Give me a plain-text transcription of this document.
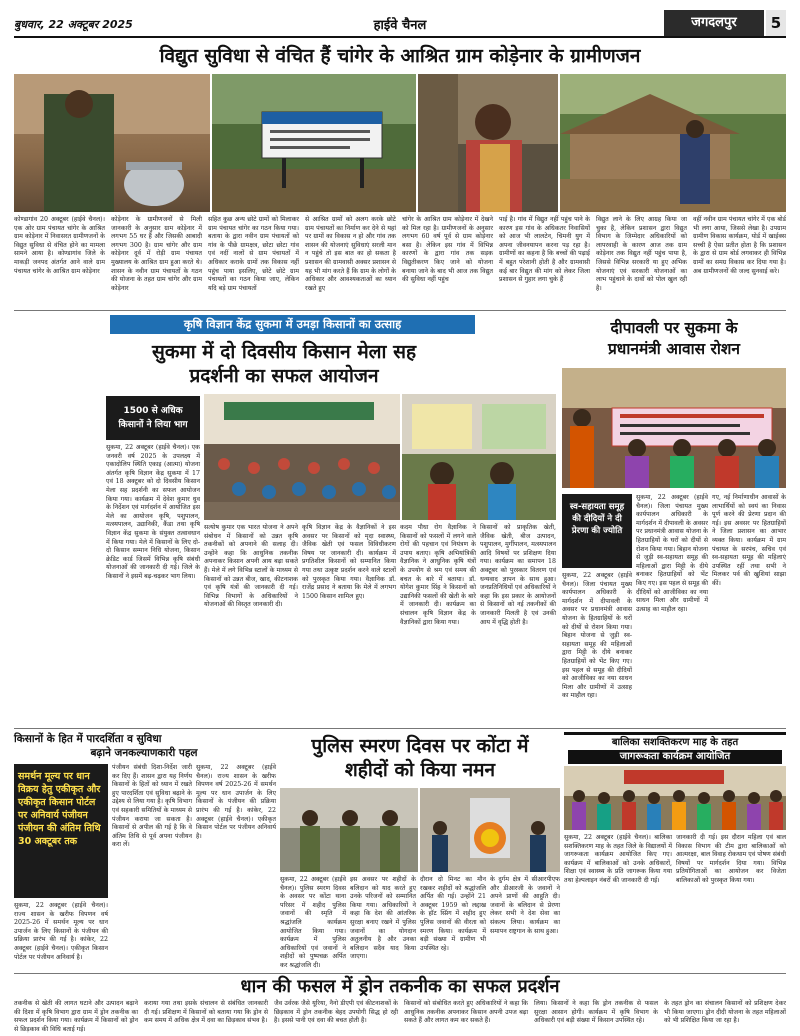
बुधवार, 22 अक्टूबर 2025	हाईवे चैनल	जगदलपुर	5
विद्युत सुविधा से वंचित हैं चांगेर के आश्रित ग्राम कोड़ेनार के ग्रामीणजन
कोण्डागांव 20 अक्टूबर (हाईवे चैनल)। एक ओर ग्राम पंचायत चांगेर के आश्रित ग्राम कोड़ेनार में निवासरत ग्रामीणजनों के विद्युत सुविधा से वंचित होने का मामला सामने आया है। कोण्डागांव जिले के माकड़ी जनपद अंतर्गत आने वाले ग्राम पंचायत चांगेर के आश्रित ग्राम कोड़ेनार
कोड़ेनार के ग्रामीणजनों से मिली जानकारी के अनुसार ग्राम कोड़ेनार में लगभग 55 घर हैं और जिसकी आबादी लगभग 300 है। ग्राम चांगेर और ग्राम कोड़ेनार दूर्व में रोड़ी ग्राम पंचायत मुख्यालय के आश्रित ग्राम हुआ करते थे। शासन के नवीन ग्राम पंचायतों के गठन की योजना के तहत ग्राम चांगेर और ग्राम कोड़ेनार
सहित कुछ अन्य छोटे ग्रामों को मिलाकर ग्राम पंचायत चांगेर का गठन किया गया। बताया के द्वारा नवीन ग्राम पंचायतों को गांव के पीछे ग्रामक्षत्र, छोटा छोटा गांव एवं नदीं नालों से ग्राम पंचायतों में अधिकार कराके ग्रामों तक विकास नहीं पहुंच पाया इसलिए, छोटे छोटे ग्राम पंचायतों का गठन किया जाए, लेकिन यदि बड़े ग्राम पंचायतों
से आश्रित ग्रामों को अलग करके छोटे ग्राम पंचायतों का निर्माण कर देने से यहां पर ग्रामों का विकास न हो और गांव तक शासन की योजनाएं सुविधाएं सरली मान न पहुंचे तो इस बात का हो सकता है प्रशासन की ग्रामवासी अक्सर प्रशासन से यह भी मांग करते हैं कि ग्राम के लोगों के अधिकार और आवश्यकताओं का ध्यान रखते हुए
चांगेर के आश्रित ग्राम कोड़ेनार में देखने को मिल रहा है। ग्रामीणजनों के अनुसार लगभग 60 वर्ष पूर्व से ग्राम कोड़ेनार बसा है। लेकिन इस गांव में विभिन्न कारणों के द्वारा गांव तक सड़क विद्युतीकरण किए जाने को योजना बनाया जाने के बाद भी आज तक विद्युत की सुविधा नहीं पहुंच
पाई है। गांव में विद्युत नहीं पहुंच पाने के कारण इस गांव के अधिकतर निवासियों को आज भी लालटेन, चिमनी युग में अपना जीवनयापन करना पड़ रहा है। ग्रामीणों का कहना है कि बच्चों की पढ़ाई में बहुत परेशानी होती है और ग्रामवासी कई बार विद्युत की मांग को लेकर जिला प्रशासन से गुहार लगा चुके हैं
विद्युत लाने के लिए आग्रह किया जा चुका है, लेकिन प्रशासन द्वारा विद्युत विभाग के जिम्मेदार अधिकारियों को लापरवाही के कारण आज तक ग्राम कोड़ेनार तक विद्युत नहीं पहुंच पाया है, जिससे विभिन्न सरकारी या हुए अभिक योजनाएं एवं सरकारी योजनाओं का लाभ पहुंचाने के दावों को पोल खुल रही है।
वहीं नवीन ग्राम पंचायत चांगेर में एक बोर्ड भी लगा आया, जिससे लेखा है। उपग्राम ग्रामीण विकास कार्यक्रम, योर्ड में खाईक्स सच्ची है ऐसा प्रतीत होता है कि प्रशासन के द्वारा से ग्राम बोर्ड लगवाकर ही विभिन्न ग्रामों का समग्र विकास कर दिया गया है। अब ग्रामीणजनों की जल्द सुनवाई करे।
कृषि विज्ञान केंद्र सुकमा में उमड़ा किसानों का उत्साह
सुकमा में दो दिवसीय किसान मेला सह
प्रदर्शनी का सफल आयोजन
1500 से अधिक किसानों ने लिया भाग
सुकमा, 22 अक्टूबर (हाईवे चैनल)। एक जनवरी वर्ष 2025 के उपलक्ष्य में एकादोलिप स्थिति एकाइ (आत्मा) योजना अंतर्गत कृषि विज्ञान केंद्र सुकमा में 17 एवं 18 अक्टूबर को दो दिवसीय किसान मेला सह प्रदर्शनी का सफल आयोजन किया गया। कार्यक्रम में देवेश कुमार धुव के निर्देशन एवं मार्गदर्शन में आयोजित इस मेले का आयोजन कृषि, पशुपालन, मत्स्यपालन, उद्यानिकी, कैंडा तथा कृषि विज्ञान केंद्र सुकमा के संयुक्त तत्वावधान में किया गया। मेले में किसानों के लिए दो-दो किसान सम्मान निधि योजना, किसान क्रेडिट कार्ड जिसमें विभिन्न कृषि संबंधी योजनाओं की जानकारी दी गई। जिले के किसानों ने इसमें बढ़-चढ़कर भाग लिया।
सत्योष कुमार एक भारत योजना ने अपने संबोधन में किसानों को उन्नत कृषि तकनीकों को अपनाने की सलाह दी। उन्होंने कहा कि आधुनिक तकनीक अपनाकर किसान अपनी आय बढ़ा सकते हैं। मेले में लगे विभिन्न स्टालों के माध्यम से किसानों को उन्नत बीज, खाद, कीटनाशक एवं कृषि यंत्रों की जानकारी दी गई। विभिन्न विभागों के अधिकारियों ने योजनाओं की विस्तृत जानकारी दी।
कृषि विज्ञान केंद्र के वैज्ञानिकों ने इस अवसर पर किसानों को मृदा स्वास्थ्य, जैविक खेती एवं फसल विविधीकरण विषय पर जानकारी दी। कार्यक्रम में प्रगतिशील किसानों को सम्मानित किया गया तथा उत्कृष्ट प्रदर्शन करने वाले स्टालों को पुरस्कृत किया गया। वैज्ञानिक डॉ. राजेंद्र प्रसाद ने बताया कि मेले में लगभग 1500 किसान शामिल हुए।
कदम पौधा रोग वैज्ञानिक ने किसानों को फसलों में लगने वाले रोगों की पहचान एवं नियंत्रण के उपाय बताए। कृषि अभियांत्रिकी वैज्ञानिक ने आधुनिक कृषि यंत्रों के उपयोग से श्रम एवं समय की बचत के बारे में बताया। डॉ. योगेश कुमार सिंह ने किसानों को उद्यानिकी फसलों की खेती के बारे में जानकारी दी। कार्यक्रम का संचालन कृषि विज्ञान केंद्र के वैज्ञानिकों द्वारा किया गया।
किसानों को प्राकृतिक खेती, जैविक खेती, बीज उत्पादन, पशुपालन, मुर्गीपालन, मत्स्यपालन आदि विषयों पर प्रशिक्षण दिया गया। कार्यक्रम का समापन 18 अक्टूबर को पुरस्कार वितरण एवं धन्यवाद ज्ञापन के साथ हुआ। जनप्रतिनिधियों एवं अधिकारियों ने कहा कि इस प्रकार के आयोजनों से किसानों को नई तकनीकों की जानकारी मिलती है एवं उनकी आय में वृद्धि होती है।
दीपावली पर सुकमा के
प्रधानमंत्री आवास रोशन
स्व-सहायता समूह की दीदियों ने दी प्रेरणा की ज्योति
सुकमा, 22 अक्टूबर (हाईवे चैनल)। जिला पंचायत मुख्य कार्यपालन अधिकारी के मार्गदर्शन में दीपावली के अवसर पर प्रधानमंत्री आवास योजना के हितग्राहियों के घरों को दीयों से रोशन किया गया। बिहान योजना से जुड़ी स्व-सहायता समूह की महिलाओं द्वारा मिट्टी के दीये बनाकर हितग्राहियों को भेंट किए गए। इस पहल से समूह की दीदियों को आजीविका का नया साधन मिला और ग्रामीणों में उत्साह का माहौल रहा।
सुकमा, 22 अक्टूबर (हाईवे चैनल)। जिला पंचायत मुख्य कार्यपालन अधिकारी के मार्गदर्शन में दीपावली के अवसर पर प्रधानमंत्री आवास योजना के हितग्राहियों के घरों को दीयों से रोशन किया गया। बिहान योजना से जुड़ी स्व-सहायता समूह की महिलाओं द्वारा मिट्टी के दीये बनाकर हितग्राहियों को भेंट किए गए। इस पहल से समूह की दीदियों को आजीविका का नया साधन मिला और ग्रामीणों में उत्साह का माहौल रहा।
गए, नई निर्माणाधीन आवासों के लाभार्थियों को स्वयं का निवास पूर्ण करने की प्रेरणा प्रदान की गई। इस अवसर पर हितग्राहियों ने जिला प्रशासन का आभार व्यक्त किया। कार्यक्रम में ग्राम पंचायत के सरपंच, सचिव एवं स्व-सहायता समूह की महिलाएं उपस्थित रहीं तथा सभी ने मिलकर पर्व की खुशियां साझा कीं।
किसानों के हित में पारदर्शिता व सुविधा
बढ़ाने जनकल्याणकारी पहल
समर्थन मूल्य पर धान विक्रय हेतु एकीकृत और एकीकृत किसान पोर्टल पर अनिवार्य पंजीयन पंजीयन की अंतिम तिथि 30 अक्टूबर तक
सुकमा, 22 अक्टूबर (हाईवे चैनल)। राज्य शासन के खरीफ विपणन वर्ष 2025-26 में समर्थन मूल्य पर धान उपार्जन के लिए किसानों के पंजीयन की प्रक्रिया प्रारंभ की गई है। कांकेर, 22 अक्टूबर (हाईवे चैनल)। एकीकृत किसान पोर्टल पर पंजीयन अनिवार्य है।
पंजीयन संबंधी दिशा-निर्देश जारी कर दिए हैं। शासन द्वारा यह निर्णय किसानों के हितों को ध्यान में रखते हुए पारदर्शिता एवं सुविधा बढ़ाने के उद्देश्य से लिया गया है। कृषि विभाग एवं सहकारी समितियों के माध्यम से पंजीयन कराया जा सकता है। किसानों से अपील की गई है कि वे अंतिम तिथि से पूर्व अपना पंजीयन करा लें।
सुकमा, 22 अक्टूबर (हाईवे चैनल)। राज्य शासन के खरीफ विपणन वर्ष 2025-26 में समर्थन मूल्य पर धान उपार्जन के लिए किसानों के पंजीयन की प्रक्रिया प्रारंभ की गई है। कांकेर, 22 अक्टूबर (हाईवे चैनल)। एकीकृत किसान पोर्टल पर पंजीयन अनिवार्य है।
पुलिस स्मरण दिवस पर कोंटा में
शहीदों को किया नमन
सुकमा, 22 अक्टूबर (हाईवे चैनल)। पुलिस स्मरण दिवस के अवसर पर कोंटा थाना परिसर में शहीद पुलिस जवानों की स्मृति में श्रद्धांजलि कार्यक्रम आयोजित किया गया। कार्यक्रम में पुलिस अधिकारियों एवं जवानों ने शहीदों को पुष्पचक्र अर्पित कर श्रद्धांजलि दी।
इस अवसर पर शहीदों के बलिदान को याद करते हुए उनके परिजनों को सम्मानित किया गया। अधिकारियों ने कहा कि देश की आंतरिक सुरक्षा बनाए रखने में पुलिस जवानों का योगदान अतुलनीय है और उनका बलिदान सदैव याद किया जाएगा।
दौरान दो मिनट का मौन रखकर शहीदों को श्रद्धांजलि अर्पित की गई। उन्होंने 21 अक्टूबर 1959 को लद्दाख के हॉट स्प्रिंग में शहीद हुए पुलिस जवानों की वीरता को स्मरण किया। कार्यक्रम में बड़ी संख्या में ग्रामीण भी उपस्थित रहे।
के दुर्गम क्षेत्र में सीआरपीएफ और डीआरजी के जवानों ने अपने प्राणों की आहुति दी। जवानों के बलिदान से प्रेरणा लेकर सभी ने देश सेवा का संकल्प लिया। कार्यक्रम का समापन राष्ट्रगान के साथ हुआ।
बालिका सशक्तिकरण माह के तहत
जागरूकता कार्यक्रम आयोजित
सुकमा, 22 अक्टूबर (हाईवे चैनल)। बालिका सशक्तिकरण माह के तहत जिले के विद्यालयों में जागरूकता कार्यक्रम आयोजित किए गए। कार्यक्रम में बालिकाओं को उनके अधिकारों, शिक्षा एवं स्वास्थ्य के प्रति जागरूक किया गया तथा हेल्पलाइन नंबरों की जानकारी दी गई।
जानकारी दी गई। इस दौरान महिला एवं बाल विकास विभाग की टीम द्वारा बालिकाओं को आत्मरक्षा, बाल विवाह रोकथाम एवं पोषण संबंधी विषयों पर मार्गदर्शन दिया गया। विभिन्न प्रतियोगिताओं का आयोजन कर विजेता बालिकाओं को पुरस्कृत किया गया।
धान की फसल में ड्रोन तकनीक का सफल प्रदर्शन
तकनीक से खेती की लागत घटाने और उत्पादन बढ़ाने की दिशा में कृषि विभाग द्वारा ग्राम में ड्रोन तकनीक का सफल प्रदर्शन किया गया। कार्यक्रम में किसानों को ड्रोन से छिड़काव की विधि बताई गई।
कराया गया तथा इसके संचालन से संबंधित जानकारी दी गई। प्रशिक्षण में किसानों को बताया गया कि ड्रोन से कम समय में अधिक क्षेत्र में दवा का छिड़काव संभव है।
जैव उर्वरक जैसे यूरिया, नैनो डीएपी एवं कीटनाशकों के छिड़काव में ड्रोन तकनीक बेहद उपयोगी सिद्ध हो रही है। इससे पानी एवं दवा की बचत होती है।
किसानों को संबोधित करते हुए अधिकारियों ने कहा कि आधुनिक तकनीक अपनाकर किसान अपनी उपज बढ़ा सकते हैं और लागत कम कर सकते हैं।
लिया। किसानों ने कहा कि ड्रोन तकनीक से फसल सुरक्षा आसान होगी। कार्यक्रम में कृषि विभाग के अधिकारी एवं बड़ी संख्या में किसान उपस्थित रहे।
के तहत ड्रोन का संचालन किसानों को प्रशिक्षण देकर भी किया जाएगा। ड्रोन दीदी योजना के तहत महिलाओं को भी प्रशिक्षित किया जा रहा है।
